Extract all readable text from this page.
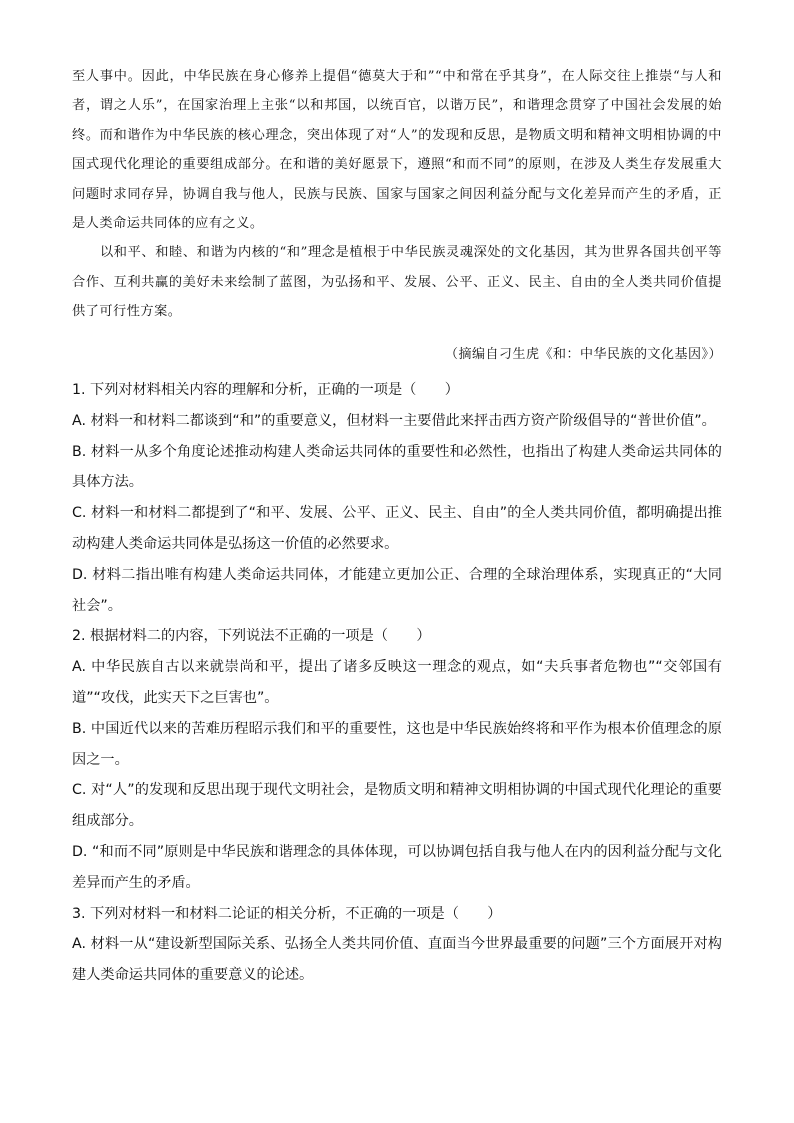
至人事中。因此，中华民族在身心修养上提倡“德莫大于和”“中和常在乎其身”，在人际交往上推崇“与人和者，谓之人乐”，在国家治理上主张“以和邦国，以统百官，以谐万民”，和谐理念贯穿了中国社会发展的始终。而和谐作为中华民族的核心理念，突出体现了对“人”的发现和反思，是物质文明和精神文明相协调的中国式现代化理论的重要组成部分。在和谐的美好愿景下，遵照“和而不同”的原则，在涉及人类生存发展重大问题时求同存异，协调自我与他人，民族与民族、国家与国家之间因利益分配与文化差异而产生的矛盾，正是人类命运共同体的应有之义。

以和平、和睦、和谐为内核的“和”理念是植根于中华民族灵魂深处的文化基因，其为世界各国共创平等合作、互利共赢的美好未来绘制了蓝图，为弘扬和平、发展、公平、正义、民主、自由的全人类共同价值提供了可行性方案。

（摘编自刁生虎《和：中华民族的文化基因》）

1. 下列对材料相关内容的理解和分析，正确的一项是（　　）

A. 材料一和材料二都谈到“和”的重要意义，但材料一主要借此来抨击西方资产阶级倡导的“普世价值”。

B. 材料一从多个角度论述推动构建人类命运共同体的重要性和必然性，也指出了构建人类命运共同体的具体方法。

C. 材料一和材料二都提到了“和平、发展、公平、正义、民主、自由”的全人类共同价值，都明确提出推动构建人类命运共同体是弘扬这一价值的必然要求。

D. 材料二指出唯有构建人类命运共同体，才能建立更加公正、合理的全球治理体系，实现真正的“大同社会”。

2. 根据材料二的内容，下列说法不正确的一项是（　　）

A. 中华民族自古以来就崇尚和平，提出了诸多反映这一理念的观点，如“夫兵事者危物也”“交邻国有道”“攻伐，此实天下之巨害也”。

B. 中国近代以来的苦难历程昭示我们和平的重要性，这也是中华民族始终将和平作为根本价值理念的原因之一。

C. 对“人”的发现和反思出现于现代文明社会，是物质文明和精神文明相协调的中国式现代化理论的重要组成部分。

D. “和而不同”原则是中华民族和谐理念的具体体现，可以协调包括自我与他人在内的因利益分配与文化差异而产生的矛盾。

3. 下列对材料一和材料二论证的相关分析，不正确的一项是（　　）

A. 材料一从“建设新型国际关系、弘扬全人类共同价值、直面当今世界最重要的问题”三个方面展开对构建人类命运共同体的重要意义的论述。
